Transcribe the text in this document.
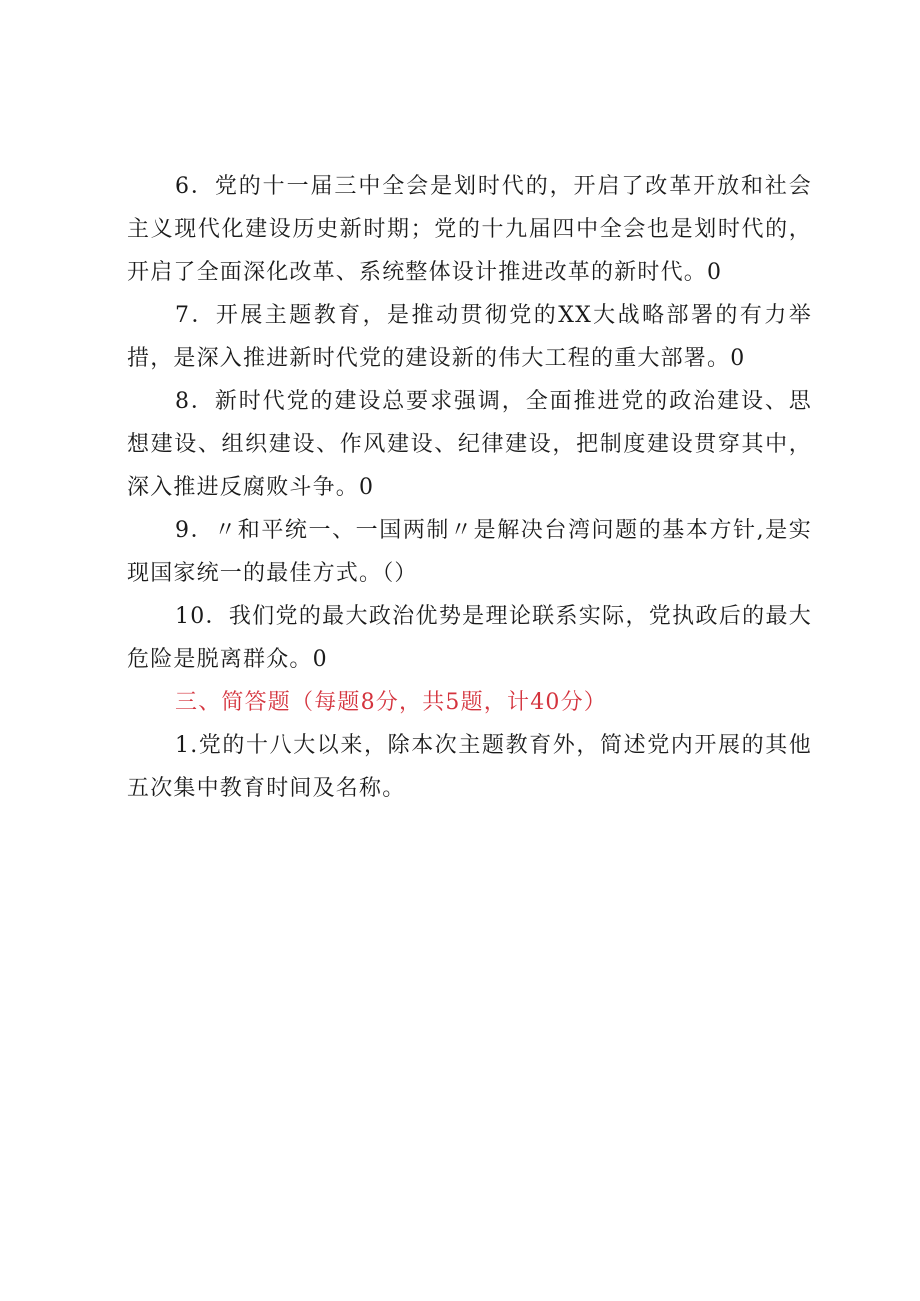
6．党的十一届三中全会是划时代的，开启了改革开放和社会主义现代化建设历史新时期；党的十九届四中全会也是划时代的，开启了全面深化改革、系统整体设计推进改革的新时代。0

7．开展主题教育，是推动贯彻党的XX大战略部署的有力举措，是深入推进新时代党的建设新的伟大工程的重大部署。0

8．新时代党的建设总要求强调，全面推进党的政治建设、思想建设、组织建设、作风建设、纪律建设，把制度建设贯穿其中，深入推进反腐败斗争。0

9．〃和平统一、一国两制〃是解决台湾问题的基本方针,是实现国家统一的最佳方式。（）

10．我们党的最大政治优势是理论联系实际，党执政后的最大危险是脱离群众。0

三、简答题（每题8分，共5题，计40分）

1.党的十八大以来，除本次主题教育外，简述党内开展的其他五次集中教育时间及名称。
